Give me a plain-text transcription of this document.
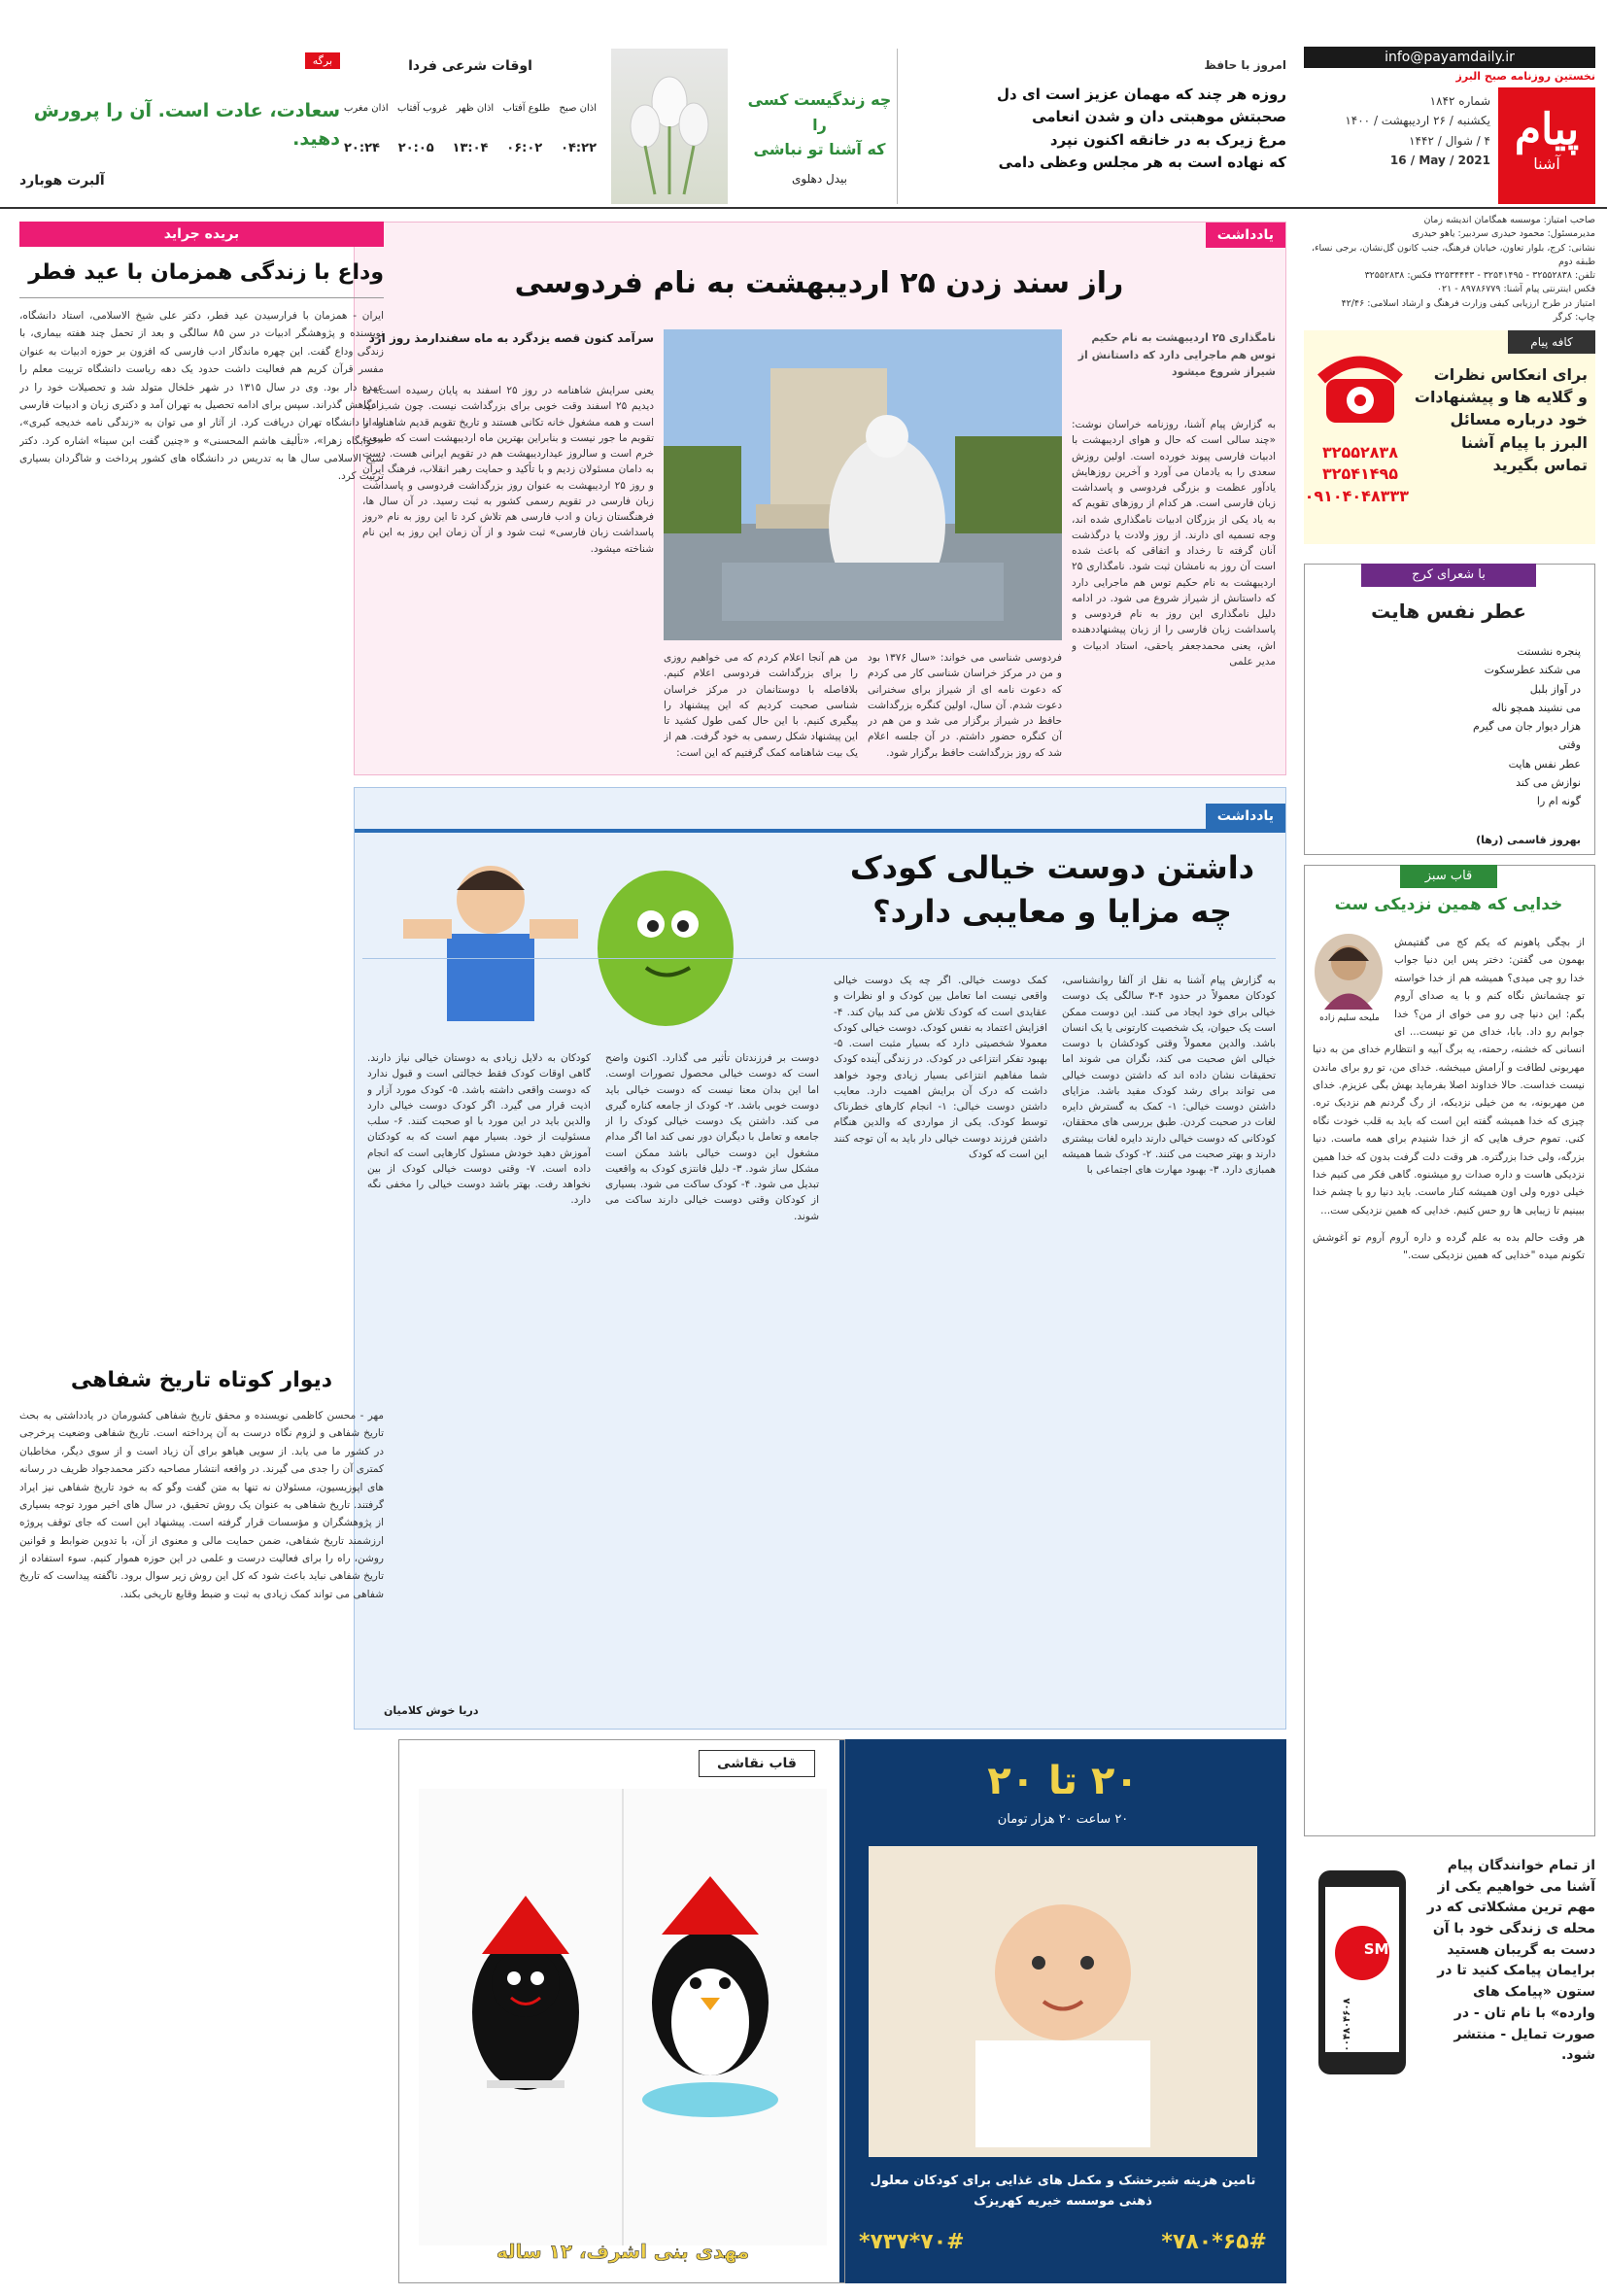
info@payamdaily.ir
نخستین روزنامه صبح البرز
پیام
آشنا
شماره ۱۸۴۲
یکشنبه / ۲۶ اردیبهشت / ۱۴۰۰
۴ / شوال / ۱۴۴۲
16 / May / 2021
امروز با حافظ
روزه هر چند که مهمان عزیز است ای دل
صحبتش موهبتی دان و شدن انعامی
مرغ زیرک به در خانقه اکنون نپرد
که نهاده است به هر مجلس وعظی دامی
چه زندگیست کسی را
که آشنا تو نباشی
بیدل دهلوی
اوقات شرعی فردا
اذان صبح
طلوع آفتاب
اذان ظهر
غروب آفتاب
اذان مغرب
۰۴:۲۲
۰۶:۰۲
۱۳:۰۴
۲۰:۰۵
۲۰:۲۴
برگه
سعادت، عادت است. آن را پرورش دهید.
آلبرت هوبارد
صاحب امتیاز: موسسه همگامان اندیشه زمان
مدیرمسئول: محمود حیدری سردبیر: یاهو حیدری
نشانی: کرج، بلوار تعاون، خیابان فرهنگ، جنب کانون گل‌نشان، برجی نساء، طبقه دوم
تلفن: ۳۲۵۵۲۸۳۸ - ۳۲۵۴۱۴۹۵ - ۳۲۵۳۴۴۴۳ فکس: ۳۲۵۵۲۸۳۸
فکس اینترنتی پیام آشنا: ۸۹۷۸۶۷۷۹ - ۰۲۱
امتیاز در طرح ارزیابی کیفی وزارت فرهنگ و ارشاد اسلامی: ۴۲/۴۶
چاپ: کرگر
کافه پیام
برای انعکاس نظرات
و گلایه ها و پیشنهادات
خود درباره مسائل
البرز با پیام آشنا
تماس بگیرید
۳۲۵۵۲۸۳۸
۳۲۵۴۱۴۹۵
۰۹۱۰۴۰۴۸۳۳۳
با شعرای کرج
عطر نفس هایت
پنجره نشستت
می شکند عطرسکوت
در آواز بلبل
می نشیند همچو ناله
هزار دیوار جان می گیرم
وقتی
عطر نفس هایت
نوازش می کند
گونه ام را
بهروز قاسمی (رها)
قاب سبز
خدایی که همین نزدیکی ست
ملیحه سلیم زاده
از بچگی پاهونم که یکم کج می گفتیمش بهمون می گفتن: دختر پس این دنیا جواب خدا رو چی میدی؟ همیشه هم از خدا خواسته تو چشمانش نگاه کنم و با یه صدای آروم بگم: این دنیا چی رو می خوای از من؟ خدا جوابم رو داد. بابا، خدای من تو نیست... ای انسانی که خشنه، رحمته، یه برگ آبیه و انتظارم خدای من به دنیا مهربونی لطافت و آرامش میبخشه. خدای من، تو رو برای ماندن نیست خداست. حالا خداوند اصلا بفرماید بهش بگی عزیزم. خدای من مهربونه، به من خیلی نزدیکه، از رگ گردنم هم نزدیک تره. چیزی که خدا همیشه گفته این است که باید به قلب خودت نگاه کنی. تموم حرف هایی که از خدا شنیدم برای همه ماست. دنیا بزرگه، ولی خدا بزرگتره. هر وقت دلت گرفت بدون که خدا همین نزدیکی هاست و داره صدات رو میشنوه. گاهی فکر می کنیم خدا خیلی دوره ولی اون همیشه کنار ماست. باید دنیا رو با چشم خدا ببینیم تا زیبایی ها رو حس کنیم. خدایی که همین نزدیکی ست...
هر وقت حالم بده به علم گرده و داره آروم آروم تو آغوشش تکونم میده "خدایی که همین نزدیکی ست."
از تمام خوانندگان پیام آشنا می خواهیم یکی از مهم ترین مشکلاتی که در محله ی زندگی خود با آن دست به گریبان هستید برایمان پیامک کنید تا در ستون «پیامک های وارده» با نام تان - در صورت تمایل - منتشر شود.
SMS
۳۰۰۰۴۸۰۴۶۰۸
یادداشت
راز سند زدن ۲۵ اردیبهشت به نام فردوسی
نامگذاری ۲۵ اردیبهشت به نام حکیم توس هم ماجرایی دارد که داستانش از شیراز شروع میشود
سرآمد کنون قصه یزدگرد به ماه سفندارمذ روز ارد
به گزارش پیام آشنا، روزنامه خراسان نوشت: «چند سالی است که حال و هوای اردیبهشت با ادبیات فارسی پیوند خورده است. اولین روزش سعدی را به یادمان می آورد و آخرین روزهایش یادآور عظمت و بزرگی فردوسی و پاسداشت زبان فارسی است. هر کدام از روزهای تقویم که به یاد یکی از بزرگان ادبیات نامگذاری شده اند، وجه تسمیه ای دارند. از روز ولادت یا درگذشت آنان گرفته تا رخداد و اتفاقی که باعث شده است آن روز به نامشان ثبت شود. نامگذاری ۲۵ اردیبهشت به نام حکیم توس هم ماجرایی دارد که داستانش از شیراز شروع می شود. در ادامه دلیل نامگذاری این روز به نام فردوسی و پاسداشت زبان فارسی را از زبان پیشنهاددهنده اش، یعنی محمدجعفر یاحقی، استاد ادبیات و مدیر علمی
یعنی سرایش شاهنامه در روز ۲۵ اسفند به پایان رسیده است. ما دیدیم ۲۵ اسفند وقت خوبی برای بزرگداشت نیست. چون شب عید است و همه مشغول خانه تکانی هستند و تاریخ تقویم قدیم شاهنامه با تقویم ما جور نیست و بنابراین بهترین ماه اردیبهشت است که طبیعت خرم است و سالروز عیداردیبهشت هم در تقویم ایرانی هست. دست به دامان مسئولان زدیم و با تأکید و حمایت رهبر انقلاب، فرهنگ ایران و روز ۲۵ اردیبهشت به عنوان روز بزرگداشت فردوسی و پاسداشت زبان فارسی در تقویم رسمی کشور به ثبت رسید. در آن سال ها، فرهنگستان زبان و ادب فارسی هم تلاش کرد تا این روز به نام «روز پاسداشت زبان فارسی» ثبت شود و از آن زمان این روز به این نام شناخته میشود.
فردوسی شناسی می خواند: «سال ۱۳۷۶ بود و من در مرکز خراسان شناسی کار می کردم که دعوت نامه ای از شیراز برای سخنرانی دعوت شدم. آن سال، اولین کنگره بزرگداشت حافظ در شیراز برگزار می شد و من هم در آن کنگره حضور داشتم. در آن جلسه اعلام شد که روز بزرگداشت حافظ برگزار شود.
من هم آنجا اعلام کردم که می خواهیم روزی را برای بزرگداشت فردوسی اعلام کنیم. بلافاصله با دوستانمان در مرکز خراسان شناسی صحبت کردیم که این پیشنهاد را پیگیری کنیم. با این حال کمی طول کشید تا این پیشنهاد شکل رسمی به خود گرفت. هم از یک بیت شاهنامه کمک گرفتیم که این است:
یادداشت
داشتن دوست خیالی کودک چه مزایا و معایبی دارد؟
به گزارش پیام آشنا به نقل از آلفا روانشناسی، کودکان معمولاً در حدود ۴-۳ سالگی یک دوست خیالی برای خود ایجاد می کنند. این دوست ممکن است یک حیوان، یک شخصیت کارتونی یا یک انسان باشد. والدین معمولاً وقتی کودکشان با دوست خیالی اش صحبت می کند، نگران می شوند اما تحقیقات نشان داده اند که داشتن دوست خیالی می تواند برای رشد کودک مفید باشد. مزایای داشتن دوست خیالی: ۱- کمک به گسترش دایره لغات در صحبت کردن. طبق بررسی های محققان، کودکانی که دوست خیالی دارند دایره لغات بیشتری دارند و بهتر صحبت می کنند. ۲- کودک شما همیشه همبازی دارد. ۳- بهبود مهارت های اجتماعی با
کمک دوست خیالی. اگر چه یک دوست خیالی واقعی نیست اما تعامل بین کودک و او نظرات و عقایدی است که کودک تلاش می کند بیان کند. ۴- افزایش اعتماد به نفس کودک. دوست خیالی کودک معمولا شخصیتی دارد که بسیار مثبت است. ۵- بهبود تفکر انتزاعی در کودک. در زندگی آینده کودک شما مفاهیم انتزاعی بسیار زیادی وجود خواهد داشت که درک آن برایش اهمیت دارد. معایب داشتن دوست خیالی: ۱- انجام کارهای خطرناک توسط کودک. یکی از مواردی که والدین هنگام داشتن فرزند دوست خیالی دار باید به آن توجه کنند این است که کودک
دوست بر فرزندتان تأثیر می گذارد. اکنون واضح است که دوست خیالی محصول تصورات اوست. اما این بدان معنا نیست که دوست خیالی باید دوست خوبی باشد. ۲- کودک از جامعه کناره گیری می کند. داشتن یک دوست خیالی کودک را از جامعه و تعامل با دیگران دور نمی کند اما اگر مدام مشغول این دوست خیالی باشد ممکن است مشکل ساز شود. ۳- دلیل فانتزی کودک به واقعیت تبدیل می شود. ۴- کودک ساکت می شود. بسیاری از کودکان وقتی دوست خیالی دارند ساکت می شوند.
کودکان به دلایل زیادی به دوستان خیالی نیاز دارند. گاهی اوقات کودک فقط خجالتی است و قبول ندارد که دوست واقعی داشته باشد. ۵- کودک مورد آزار و اذیت قرار می گیرد. اگر کودک دوست خیالی دارد والدین باید در این مورد با او صحبت کنند. ۶- سلب مسئولیت از خود. بسیار مهم است که به کودکتان آموزش دهید خودش مسئول کارهایی است که انجام داده است. ۷- وقتی دوست خیالی کودک از بین نخواهد رفت. بهتر باشد دوست خیالی را مخفی نگه دارد.
دریا خوش کلامیان
۲۰ تا ۲۰
۲۰ ساعت ۲۰ هزار تومان
تامین هزینه شیرخشک و مکمل های غذایی برای کودکان معلول ذهنی موسسه خیریه کهریزک
*۷۳۷*۷۰#	*۷۸۰*۶۵#
قاب نقاشی
مهدی بنی اشرف، ۱۲ ساله
بریده جراید
وداع با زندگی همزمان با عید فطر
ایران - همزمان با فرارسیدن عید فطر، دکتر علی شیخ الاسلامی، استاد دانشگاه، نویسنده و پژوهشگر ادبیات در سن ۸۵ سالگی و بعد از تحمل چند هفته بیماری، با زندگی وداع گفت. این چهره ماندگار ادب فارسی که افزون بر حوزه ادبیات به عنوان مفسر قرآن کریم هم فعالیت داشت حدود یک دهه ریاست دانشگاه تربیت معلم را عهده دار بود. وی در سال ۱۳۱۵ در شهر خلخال متولد شد و تحصیلات خود را در زادگاهش گذراند. سپس برای ادامه تحصیل به تهران آمد و دکتری زبان و ادبیات فارسی را از دانشگاه تهران دریافت کرد. از آثار او می توان به «زندگی نامه خدیجه کبری»، «خوابگاه زهرا»، «تألیف هاشم المحسنی» و «چنین گفت ابن سینا» اشاره کرد. دکتر شیخ الاسلامی سال ها به تدریس در دانشگاه های کشور پرداخت و شاگردان بسیاری تربیت کرد.
دیوار کوتاه تاریخ شفاهی
مهر - محسن کاظمی نویسنده و محقق تاریخ شفاهی کشورمان در یادداشتی به بحث تاریخ شفاهی و لزوم نگاه درست به آن پرداخته است. تاریخ شفاهی وضعیت پرخرجی در کشور ما می یابد. از سویی هیاهو برای آن زیاد است و از سوی دیگر، مخاطبان کمتری آن را جدی می گیرند. در واقعه انتشار مصاحبه دکتر محمدجواد ظریف در رسانه های اپوزیسیون، مسئولان نه تنها به متن گفت وگو که به خود تاریخ شفاهی نیز ایراد گرفتند. تاریخ شفاهی به عنوان یک روش تحقیق، در سال های اخیر مورد توجه بسیاری از پژوهشگران و مؤسسات قرار گرفته است. پیشنهاد این است که جای توقف پروژه ارزشمند تاریخ شفاهی، ضمن حمایت مالی و معنوی از آن، با تدوین ضوابط و قوانین روشن، راه را برای فعالیت درست و علمی در این حوزه هموار کنیم. سوء استفاده از تاریخ شفاهی نباید باعث شود که کل این روش زیر سوال برود. ناگفته پیداست که تاریخ شفاهی می تواند کمک زیادی به ثبت و ضبط وقایع تاریخی بکند.
